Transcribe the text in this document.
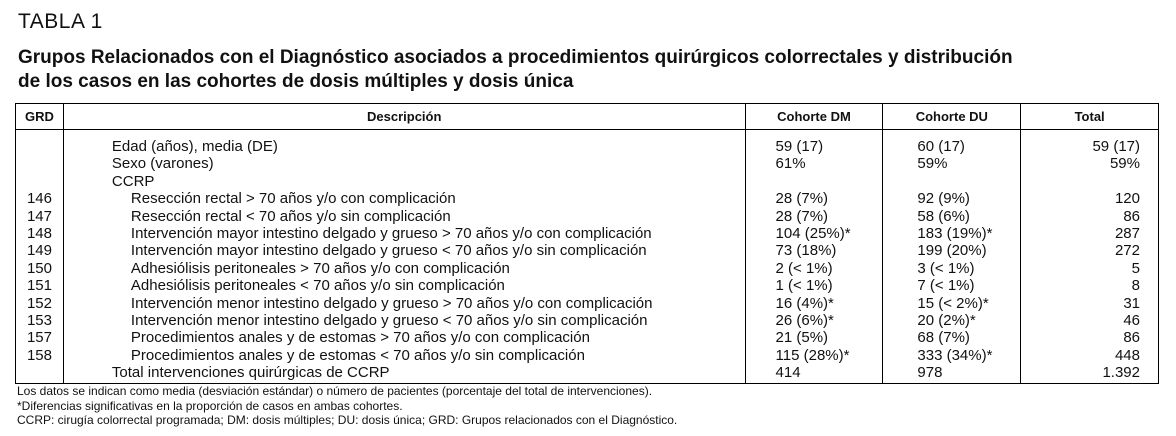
TABLA 1
Grupos Relacionados con el Diagnóstico asociados a procedimientos quirúrgicos colorrectales y distribución de los casos en las cohortes de dosis múltiples y dosis única
GRD	Descripción	Cohorte DM	Cohorte DU	Total
	Edad (años), media (DE)	59 (17)	60 (17)	59 (17)
	Sexo (varones)	61%	59%	59%
	CCRP			
146	Resección rectal > 70 años y/o con complicación	28 (7%)	92 (9%)	120
147	Resección rectal < 70 años y/o sin complicación	28 (7%)	58 (6%)	86
148	Intervención mayor intestino delgado y grueso > 70 años y/o con complicación	104 (25%)*	183 (19%)*	287
149	Intervención mayor intestino delgado y grueso < 70 años y/o sin complicación	73 (18%)	199 (20%)	272
150	Adhesiólisis peritoneales > 70 años y/o con complicación	2 (< 1%)	3 (< 1%)	5
151	Adhesiólisis peritoneales < 70 años y/o sin complicación	1 (< 1%)	7 (< 1%)	8
152	Intervención menor intestino delgado y grueso > 70 años y/o con complicación	16 (4%)*	15 (< 2%)*	31
153	Intervención menor intestino delgado y grueso < 70 años y/o sin complicación	26 (6%)*	20 (2%)*	46
157	Procedimientos anales y de estomas > 70 años y/o con complicación	21 (5%)	68 (7%)	86
158	Procedimientos anales y de estomas < 70 años y/o sin complicación	115 (28%)*	333 (34%)*	448
	Total intervenciones quirúrgicas de CCRP	414	978	1.392
Los datos se indican como media (desviación estándar) o número de pacientes (porcentaje del total de intervenciones).
*Diferencias significativas en la proporción de casos en ambas cohortes.
CCRP: cirugía colorrectal programada; DM: dosis múltiples; DU: dosis única; GRD: Grupos relacionados con el Diagnóstico.
